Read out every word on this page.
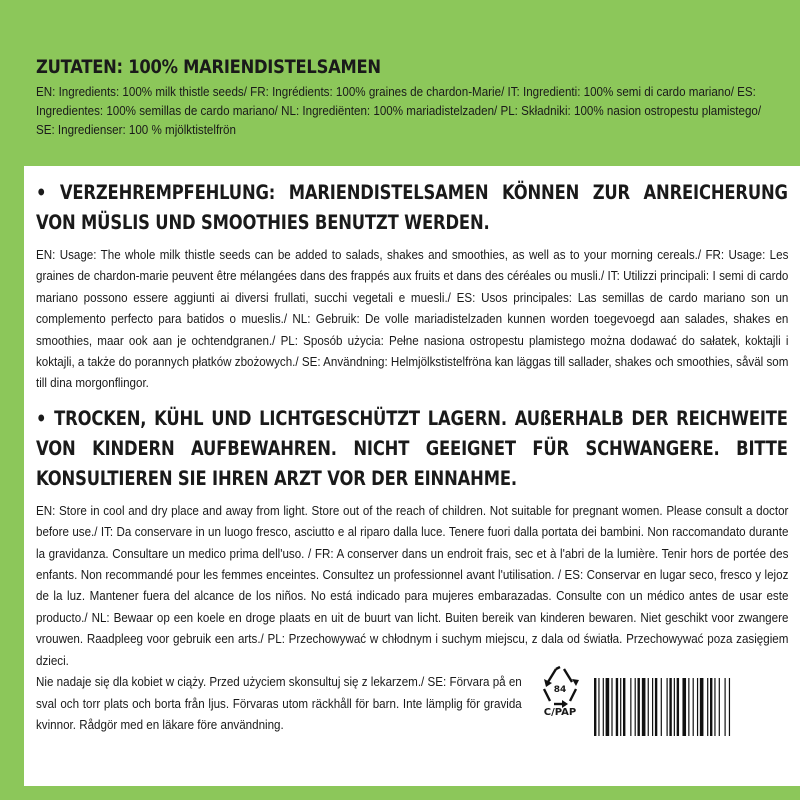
ZUTATEN: 100% MARIENDISTELSAMEN

EN: Ingredients: 100% milk thistle seeds/ FR: Ingrédients: 100% graines de chardon-Marie/ IT: Ingredienti: 100% semi di cardo mariano/ ES: Ingredientes: 100% semillas de cardo mariano/ NL: Ingrediënten: 100% mariadistelzaden/ PL: Składniki: 100% nasion ostropestu plamistego/ SE: Ingredienser: 100 % mjölktistelfrön

• VERZEHREMPFEHLUNG: MARIENDISTELSAMEN KÖNNEN ZUR ANREICHERUNG VON MÜSLIS UND SMOOTHIES BENUTZT WERDEN.
EN: Usage: The whole milk thistle seeds can be added to salads, shakes and smoothies, as well as to your morning cereals./ FR: Usage: Les graines de chardon-marie peuvent être mélangées dans des frappés aux fruits et dans des céréales ou musli./ IT: Utilizzi principali: I semi di cardo mariano possono essere aggiunti ai diversi frullati, succhi vegetali e muesli./ ES: Usos principales: Las semillas de cardo mariano son un complemento perfecto para batidos o mueslis./ NL: Gebruik: De volle mariadistelzaden kunnen worden toegevoegd aan salades, shakes en smoothies, maar ook aan je ochtendgranen./ PL: Sposób użycia: Pełne nasiona ostropestu plamistego można dodawać do sałatek, koktajli i koktajli, a także do porannych płatków zbożowych./ SE: Användning: Helmjölkstistelfröna kan läggas till sallader, shakes och smoothies, såväl som till dina morgonflingor.
• TROCKEN, KÜHL UND LICHTGESCHÜTZT LAGERN. AUßERHALB DER REICHWEITE VON KINDERN AUFBEWAHREN. NICHT GEEIGNET FÜR SCHWANGERE. BITTE KONSULTIEREN SIE IHREN ARZT VOR DER EINNAHME.
EN: Store in cool and dry place and away from light. Store out of the reach of children. Not suitable for pregnant women. Please consult a doctor before use./ IT: Da conservare in un luogo fresco, asciutto e al riparo dalla luce. Tenere fuori dalla portata dei bambini. Non raccomandato durante la gravidanza. Consultare un medico prima dell'uso. / FR: A conserver dans un endroit frais, sec et à l'abri de la lumière. Tenir hors de portée des enfants. Non recommandé pour les femmes enceintes. Consultez un professionnel avant l'utilisation. / ES: Conservar en lugar seco, fresco y lejoz de la luz. Mantener fuera del alcance de los niños. No está indicado para mujeres embarazadas. Consulte con un médico antes de usar este producto./ NL: Bewaar op een koele en droge plaats en uit de buurt van licht. Buiten bereik van kinderen bewaren. Niet geschikt voor zwangere vrouwen. Raadpleeg voor gebruik een arts./ PL: Przechowywać w chłodnym i suchym miejscu, z dala od światła. Przechowywać poza zasięgiem dzieci.
Nie nadaje się dla kobiet w ciąży. Przed użyciem skonsultuj się z lekarzem./ SE: Förvara på en sval och torr plats och borta från ljus. Förvaras utom räckhåll för barn. Inte lämplig för gravida kvinnor. Rådgör med en läkare före användning.
84
C/PAP
